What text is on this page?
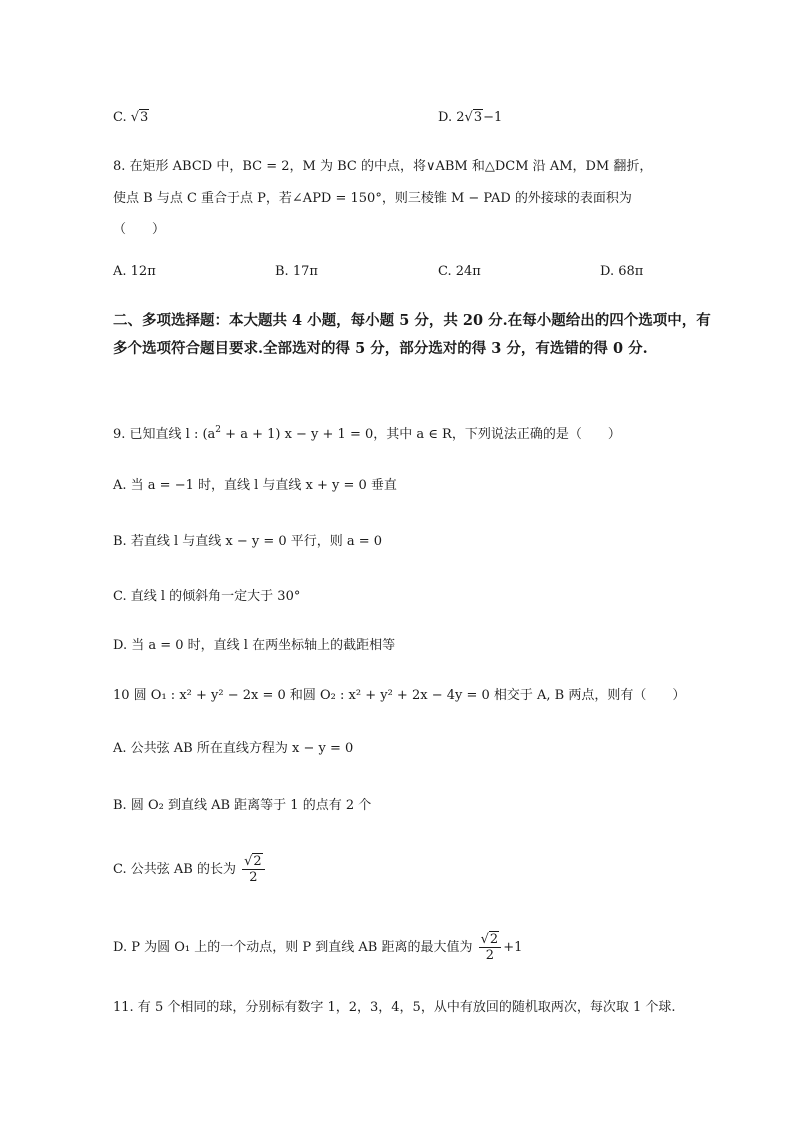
C. √3	D. 2√3−1
8. 在矩形 ABCD 中，BC = 2，M 为 BC 的中点，将∨ABM 和△DCM 沿 AM，DM 翻折，
使点 B 与点 C 重合于点 P，若∠APD = 150°，则三棱锥 M − PAD 的外接球的表面积为
（　　）
A. 12π	B. 17π	C. 24π	D. 68π
二、多项选择题：本大题共 4 小题，每小题 5 分，共 20 分.在每小题给出的四个选项中，有多个选项符合题目要求.全部选对的得 5 分，部分选对的得 3 分，有选错的得 0 分.
9. 已知直线 l : $(a^2 + a + 1) x - y + 1 = 0$，其中 a ∈ R，下列说法正确的是（　　）
A. 当 a = −1 时，直线 l 与直线 x + y = 0 垂直
B. 若直线 l 与直线 x − y = 0 平行，则 a = 0
C. 直线 l 的倾斜角一定大于 30°
D. 当 a = 0 时，直线 l 在两坐标轴上的截距相等
10 圆 O₁ : x² + y² − 2x = 0 和圆 O₂ : x² + y² + 2x − 4y = 0 相交于 A, B 两点，则有（　　）
A. 公共弦 AB 所在直线方程为 x − y = 0
B. 圆 O₂ 到直线 AB 距离等于 1 的点有 2 个
C. 公共弦 AB 的长为 $\frac{√2}{2}$
D. P 为圆 O₁ 上的一个动点，则 P 到直线 AB 距离的最大值为 $\frac{√2}{2} +1$
11. 有 5 个相同的球，分别标有数字 1，2，3，4，5，从中有放回的随机取两次，每次取 1 个球.
